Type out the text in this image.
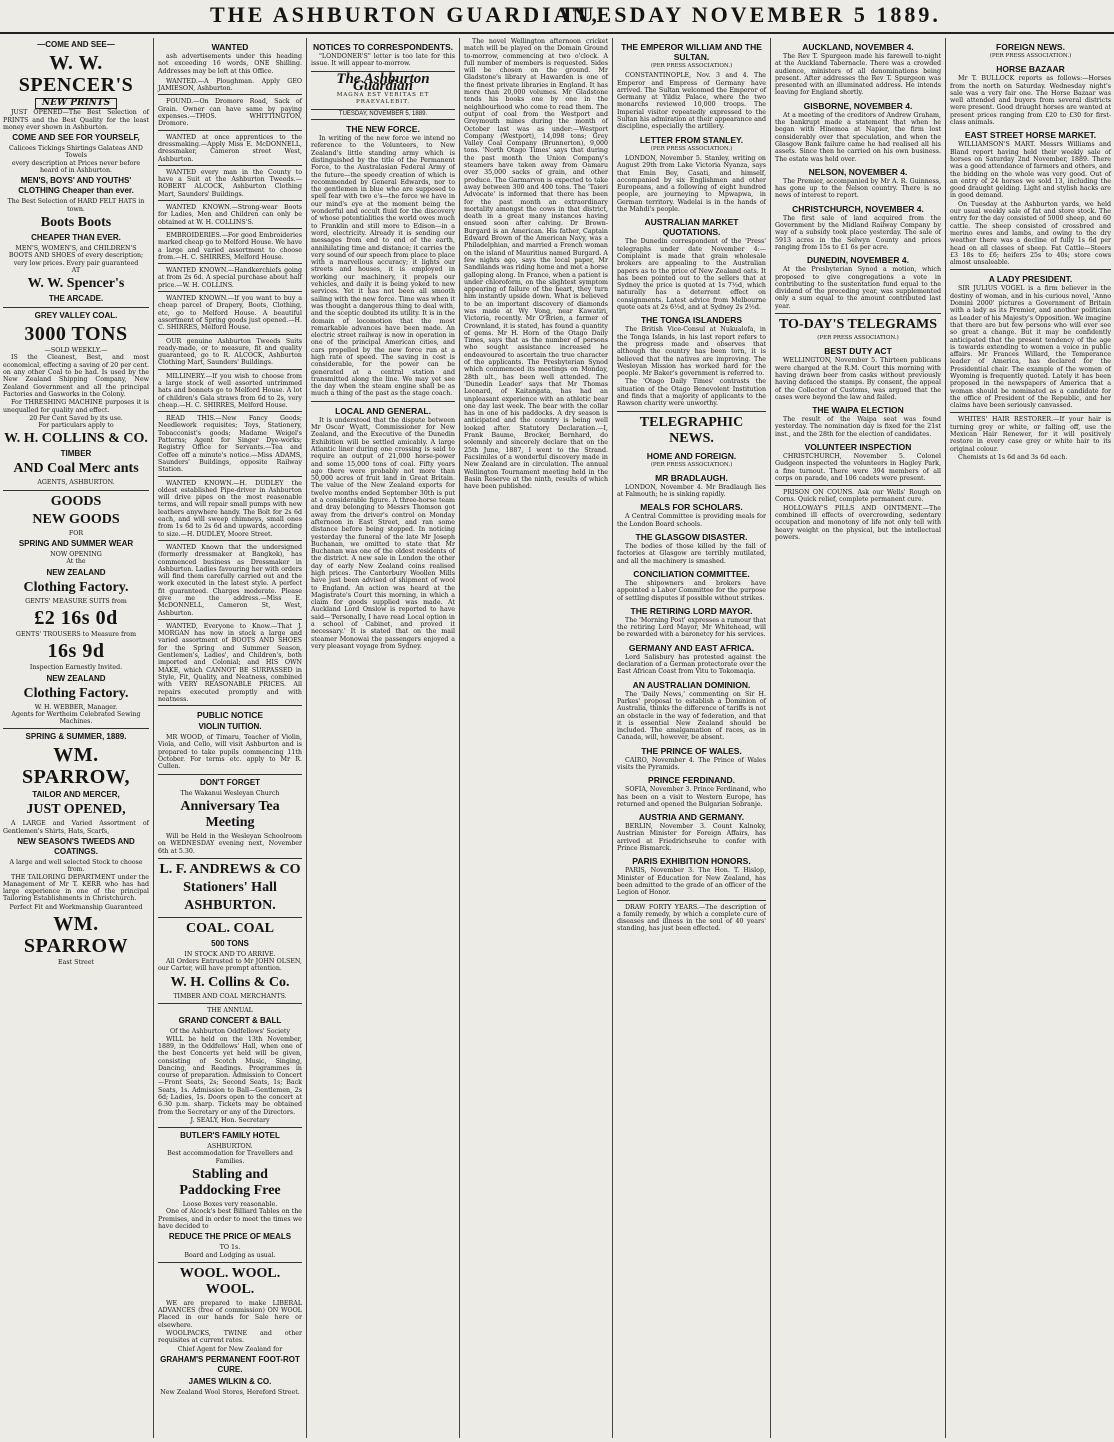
THE ASHBURTON GUARDIAN,
TUESDAY NOVEMBER 5 1889.
—COME AND SEE—
W. W. SPENCER'S
NEW PRINTS
JUST OPENED—The Best Selection of PRINTS and the Best Quality for the least money ever shown in Ashburton.
COME AND SEE FOR YOURSELF,
Calicoes Tickings Shirtings Galateas AND Towels
every description at Prices never before heard of in Ashburton.
MEN'S, BOYS' AND YOUTHS' CLOTHING Cheaper than ever.
The Best Selection of HARD FELT HATS in town.
Boots Boots
CHEAPER THAN EVER.
MEN'S, WOMEN'S, and CHILDREN'S BOOTS AND SHOES of every description; very low prices. Every pair guaranteed
AT
W. W. Spencer's
THE ARCADE.
GREY VALLEY COAL.
3000 TONS
—SOLD WEEKLY.—
IS the Cleanest, Best, and most economical, effecting a saving of 20 per cent. on any other Coal to be had. Is used by the New Zealand Shipping Company, New Zealand Government and all the principal Factories and Gasworks in the Colony.
For THRESHING MACHINE purposes it is unequalled for quality and effect.
20 Per Cent Saved by its use.
For particulars apply to
W. H. COLLINS & CO.
TIMBER
AND Coal Merc ants
AGENTS, ASHBURTON.
GOODS
NEW GOODS
FOR
SPRING AND SUMMER WEAR
NOW OPENING
At the
NEW ZEALAND
Clothing Factory.
GENTS' MEASURE SUITS from
£2 16s 0d
GENTS' TROUSERS to Measure from
16s 9d
Inspection Earnestly Invited.
NEW ZEALAND
Clothing Factory.
W. H. WEBBER, Manager.
Agents for Wertheim Celebrated Sewing Machines.
SPRING & SUMMER, 1889.
WM. SPARROW,
TAILOR AND MERCER,
JUST OPENED,
A LARGE and Varied Assortment of Gentlemen's Shirts, Hats, Scarfs,
NEW SEASON'S TWEEDS AND COATINGS.
A large and well selected Stock to choose from.
THE TAILORING DEPARTMENT under the Management of Mr T. KERR who has had large experience in one of the principal Tailoring Establishments in Christchurch.
Perfect Fit and Workmanship Guaranteed
WM. SPARROW
East Street
WANTED
ash advertisements under this heading not exceeding 16 words, ONE Shilling. Addresses may be left at this Office.
WANTED.—A Ploughman. Apply GEO JAMIESON, Ashburton.
FOUND.—On Dromore Road, Sack of Grain. Owner can have same by paying expenses.—THOS. WHITTINGTON, Dromore.
WANTED at once apprentices to the dressmaking.—Apply Miss E. McDONNELL, dressmaker, Cameron street West, Ashburton.
WANTED every man in the County to have a Suit at the Ashburton Tweeds.—ROBERT ALCOCK, Ashburton Clothing Mart, Saunders' Buildings.
WANTED KNOWN.—Strong-wear Boots for Ladies, Men and Children can only be obtained at W. H. COLLINS'S.
EMBROIDERIES.—For good Embroideries marked cheap go to Melford House. We have a large and varied assortment to choose from.—H. C. SHIRRES, Melford House.
WANTED KNOWN.—Handkerchiefs going at from 2s 6d. A special purchase about half price.—W. H. COLLINS.
WANTED KNOWN.—If you want to buy a cheap parcel of Drapery, Boots, Clothing, etc, go to Melford House. A beautiful assortment of Spring goods just opened.—H. C. SHIRRES, Melford House.
OUR genuine Ashburton Tweeds Suits ready-made, or to measure, fit and quality guaranteed, go to R. ALCOCK, Ashburton Clothing Mart, Saunders' Buildings.
MILLINERY.—If you wish to choose from a large stock of well assorted untrimmed hats and bonnets go to Melford House. A lot of children's Gala straws from 6d to 2s, very cheap.—H. C. SHIRRES, Melford House.
READ THIS.—New Fancy Goods; Needlework requisites; Toys, Stationery, Tobacconist's goods; Madame Weigel's Patterns; Agent for Singer Dye-works; Registry Office for Servants.—Tea and Coffee off a minute's notice.—Miss ADAMS, Saunders' Buildings, opposite Railway Station.
WANTED KNOWN.—H. DUDLEY the oldest established Pipe-driver in Ashburton will drive pipes on the most reasonable terms, and will repair small pumps with new leathers anywhere handy. The Bolt for 2s 6d each, and will sweep chimneys, small ones from 1s 6d to 2s 6d and upwards, according to size.—H. DUDLEY, Moore Street.
WANTED Known that the undersigned (formerly dressmaker at Bangkok), has commenced business as Dressmaker in Ashburton. Ladies favouring her with orders will find them carefully carried out and the work executed in the latest style. A perfect fit guaranteed. Charges moderate. Please give me the address.—Miss E. McDONNELL, Cameron St, West, Ashburton.
WANTED, Everyone to Know.—That J. MORGAN has now in stock a large and varied assortment of BOOTS AND SHOES for the Spring and Summer Season, Gentlemen's, Ladies', and Children's, both imported and Colonial; and HIS OWN MAKE, which CANNOT BE SURPASSED in Style, Fit, Quality, and Neatness, combined with VERY REASONABLE PRICES. All repairs executed promptly and with neatness.
PUBLIC NOTICE
VIOLIN TUITION.
MR WOOD, of Timaru, Teacher of Violin, Viola, and Cello, will visit Ashburton and is prepared to take pupils commencing 11th October. For terms etc. apply to Mr R. Cullen.
DON'T FORGET
The Wakanui Wesleyan Church
Anniversary Tea Meeting
Will be Held in the Wesleyan Schoolroom on WEDNESDAY evening next, November 6th at 5.30.
L. F. ANDREWS & CO
Stationers' Hall
ASHBURTON.
COAL. COAL
500 TONS
IN STOCK AND TO ARRIVE.
All Orders Entrusted to Mr JOHN OLSEN, our Carter, will have prompt attention.
W. H. Collins & Co.
TIMBER AND COAL MERCHANTS.
THE ANNUAL
GRAND CONCERT & BALL
Of the Ashburton Oddfellows' Society
WILL be held on the 13th November, 1889, in the Oddfellows' Hall, when one of the best Concerts yet held will be given, consisting of Scotch Music, Singing, Dancing, and Readings. Programmes in course of preparation. Admission to Concert—Front Seats, 2s; Second Seats, 1s; Back Seats, 1s. Admission to Ball—Gentlemen, 2s 6d; Ladies, 1s. Doors open to the concert at 6.30 p.m. sharp. Tickets may be obtained from the Secretary or any of the Directors.
J. SEALY, Hon. Secretary
BUTLER'S FAMILY HOTEL
ASHBURTON.
Best accommodation for Travellers and Families.
Stabling and Paddocking Free
Loose Boxes very reasonable.
One of Alcock's best Billiard Tables on the Premises, and in order to meet the times we have decided to
REDUCE THE PRICE OF MEALS
TO 1s.
Board and Lodging as usual.
WOOL. WOOL. WOOL.
WE are prepared to make LIBERAL ADVANCES (free of commission) ON WOOL Placed in our hands for Sale here or elsewhere.
WOOLPACKS, TWINE and other requisites at current rates.
Chief Agent for New Zealand for
GRAHAM'S PERMANENT FOOT-ROT CURE.
JAMES WILKIN & CO.
New Zealand Wool Stores, Hereford Street.
NOTICES TO CORRESPONDENTS.
"LONDONER'S" letter is too late for this issue. It will appear to-morrow.
The Ashburton Guardian
MAGNA EST VERITAS ET PRAEVALEBIT.
TUESDAY, NOVEMBER 5, 1889.
THE NEW FORCE.
In writing of the new force we intend no reference to the Volunteers, to New Zealand's little standing army which is distinguished by the title of the Permanent Force, to the Australasian Federal Army of the future—the speedy creation of which is recommended by General Edwards, nor to the gentlemen in blue who are supposed to spell fear with two e's—the force we have in our mind's eye at the moment being the wonderful and occult fluid for the discovery of whose potentialities the world owes much to Franklin and still more to Edison—in a word, electricity. Already it is sending our messages from end to end of the earth, annihilating time and distance; it carries the very sound of our speech from place to place with a marvellous accuracy; it lights our streets and houses, it is employed in working our machinery, it propels our vehicles, and daily it is being yoked to new services. Yet it has not been all smooth sailing with the new force. Time was when it was thought a dangerous thing to deal with, and the sceptic doubted its utility. It is in the domain of locomotion that the most remarkable advances have been made. An electric street railway is now in operation in one of the principal American cities, and cars propelled by the new force run at a high rate of speed. The saving in cost is considerable, for the power can be generated at a central station and transmitted along the line. We may yet see the day when the steam engine shall be as much a thing of the past as the stage coach.
LOCAL AND GENERAL.
It is understood that the dispute between Mr Oscar Wyatt, Commissioner for New Zealand, and the Executive of the Dunedin Exhibition will be settled amicably. A large Atlantic liner during one crossing is said to require an output of 21,000 horse-power and some 15,000 tons of coal. Fifty years ago there were probably not more than 50,000 acres of fruit land in Great Britain. The value of the New Zealand exports for twelve months ended September 30th is put at a considerable figure. A three-horse team and dray belonging to Messrs Thomson got away from the driver's control on Monday afternoon in East Street, and ran some distance before being stopped. In noticing yesterday the funeral of the late Mr Joseph Buchanan, we omitted to state that Mr Buchanan was one of the oldest residents of the district. A new sale in London the other day of early New Zealand coins realised high prices. The Canterbury Woollen Mills have just been advised of shipment of wool to England. An action was heard at the Magistrate's Court this morning, in which a claim for goods supplied was made. At Auckland Lord Onslow is reported to have said—'Personally, I have read Local option in a school of Cabinet, and proved it necessary.' It is stated that on the mail steamer Monowai the passengers enjoyed a very pleasant voyage from Sydney.
The novel Wellington afternoon cricket match will be played on the Domain Ground to-morrow, commencing at two o'clock. A full number of members is requested. Sides will be chosen on the ground. Mr Gladstone's library at Hawarden is one of the finest private libraries in England. It has more than 20,000 volumes. Mr Gladstone tends his books one by one in the neighbourhood who come to read them. The output of coal from the Westport and Greymouth mines during the month of October last was as under:—Westport Company (Westport), 14,098 tons; Grey Valley Coal Company (Brunnerton), 9,000 tons. 'North Otago Times' says that during the past month the Union Company's steamers have taken away from Oamaru over 35,000 sacks of grain, and other produce. The Garmarvon is expected to take away between 300 and 400 tons. The 'Taieri Advocate' is informed that there has been for the past month an extraordinary mortality amongst the cows in that district, death in a great many instances having ensued soon after calving. Dr Brown-Burgard is an American. His father, Captain Edward Brown of the American Navy, was a Philadelphian, and married a French woman on the island of Mauritius named Burgard. A few nights ago, says the local paper, Mr Sandilands was riding home and met a horse galloping along. In France, when a patient is under chloroform, on the slightest symptom appearing of failure of the heart, they turn him instantly upside down. What is believed to be an important discovery of diamonds was made at Wy Vong, near Kawatiri, Victoria, recently. Mr O'Brien, a farmer of Crownland, it is stated, has found a quantity of gems. Mr H. Horn of the Otago Daily Times, says that as the number of persons who sought assistance increased he endeavoured to ascertain the true character of the applicants. The Presbyterian Synod which commenced its meetings on Monday, 28th ult., has been well attended. The 'Dunedin Leader' says that Mr Thomas Leonard, of Kaitangata, has had an unpleasant experience with an athletic bear one day last week. The bear with the collar has in one of his paddocks. A dry season is anticipated and the country is being well looked after. Statutory Declaration.—I, Frank Baume, Brocker, Bernhard, do solemnly and sincerely declare that on the 25th June, 1887, I went to the Strand. Facsimiles of a wonderful discovery made in New Zealand are in circulation. The annual Wellington Tournament meeting held in the Basin Reserve at the ninth, results of which have been published.
THE EMPEROR WILLIAM AND THE SULTAN.
(PER PRESS ASSOCIATION.)
CONSTANTINOPLE, Nov. 3 and 4. The Emperor and Empress of Germany have arrived. The Sultan welcomed the Emperor of Germany at Yildiz Palace, where the two monarchs reviewed 10,000 troops. The Imperial visitor repeatedly expressed to the Sultan his admiration at their appearance and discipline, especially the artillery.
LETTER FROM STANLEY.
(PER PRESS ASSOCIATION.)
LONDON, November 5. Stanley, writing on August 29th from Lake Victoria Nyanza, says that Emin Bey, Casati, and himself, accompanied by six Englishmen and other Europeans, and a following of eight hundred people, are journeying to Mpwapwa, in German territory. Wadelai is in the hands of the Mahdi's people.
AUSTRALIAN MARKET QUOTATIONS.
The Dunedin correspondent of the 'Press' telegraphs under date November 4:—Complaint is made that grain wholesale brokers are appealing to the Australian papers as to the price of New Zealand oats. It has been pointed out to the sellers that at Sydney the price is quoted at 1s 7½d, which naturally has a deterrent effect on consignments. Latest advice from Melbourne quote oats at 2s 6½d, and at Sydney 2s 2½d.
THE TONGA ISLANDERS
The British Vice-Consul at Nukualofa, in the Tonga Islands, in his last report refers to the progress made and observes that although the country has been torn, it is believed that the natives are improving. The Wesleyan Mission has worked hard for the people. Mr Baker's government is referred to.
The 'Otago Daily Times' contrasts the situation of the Otago Benevolent Institution and finds that a majority of applicants to the Rawson charity were unworthy.
TELEGRAPHIC NEWS.
HOME AND FOREIGN.
(PER PRESS ASSOCIATION.)
MR BRADLAUGH.
LONDON, November 4. Mr Bradlaugh lies at Falmouth; he is sinking rapidly.
MEALS FOR SCHOLARS.
A Central Committee is providing meals for the London Board schools.
THE GLASGOW DISASTER.
The bodies of those killed by the fall of factories at Glasgow are terribly mutilated, and all the machinery is smashed.
CONCILIATION COMMITTEE.
The shipowners and brokers have appointed a Labor Committee for the purpose of settling disputes if possible without strikes.
THE RETIRING LORD MAYOR.
The 'Morning Post' expresses a rumour that the retiring Lord Mayor, Mr Whitehead, will be rewarded with a baronetcy for his services.
GERMANY AND EAST AFRICA.
Lord Salisbury has protested against the declaration of a German protectorate over the East African Coast from Vitu to Tokomaqia.
AN AUSTRALIAN DOMINION.
The 'Daily News,' commenting on Sir H. Parkes' proposal to establish a Dominion of Australia, thinks the difference of tariffs is not an obstacle in the way of federation, and that it is essential New Zealand should be included. The amalgamation of races, as in Canada, will, however, be absent.
THE PRINCE OF WALES.
CAIRO, November 4. The Prince of Wales visits the Pyramids.
PRINCE FERDINAND.
SOFIA, November 3. Prince Ferdinand, who has been on a visit to Western Europe, has returned and opened the Bulgarian Sobranje.
AUSTRIA AND GERMANY.
BERLIN, November 3. Count Kalnoky, Austrian Minister for Foreign Affairs, has arrived at Friedrichsruhe to confer with Prince Bismarck.
PARIS EXHIBITION HONORS.
PARIS, November 3. The Hon. T. Hislop, Minister of Education for New Zealand, has been admitted to the grade of an officer of the Legion of Honor.
DRAW FORTY YEARS.—The description of a family remedy, by which a complete cure of diseases and illness in the soul of 40 years' standing, has just been effected.
AUCKLAND, NOVEMBER 4.
The Rev T. Spurgeon made his farewell to-night at the Auckland Tabernacle. There was a crowded audience, ministers of all denominations being present. After addresses the Rev T. Spurgeon was presented with an illuminated address. He intends leaving for England shortly.
GISBORNE, NOVEMBER 4.
At a meeting of the creditors of Andrew Graham, the bankrupt made a statement that when he began with Hinemoa at Napier, the firm lost considerably over that speculation, and when the Glasgow Bank failure came he had realised all his assets. Since then he carried on his own business. The estate was held over.
NELSON, NOVEMBER 4.
The Premier, accompanied by Mr A. R. Guinness, has gone up to the Nelson country. There is no news of interest to report.
CHRISTCHURCH, NOVEMBER 4.
The first sale of land acquired from the Government by the Midland Railway Company by way of a subsidy took place yesterday. The sale of 5913 acres in the Selwyn County and prices ranging from 15s to £1 6s per acre.
DUNEDIN, NOVEMBER 4.
At the Presbyterian Synod a motion, which proposed to give congregations a vote in contributing to the sustentation fund equal to the dividend of the preceding year, was supplemented only a sum equal to the amount contributed last year.
TO-DAY'S TELEGRAMS
(PER PRESS ASSOCIATION.)
BEST DUTY ACT
WELLINGTON, November 5. Thirteen publicans were charged at the R.M. Court this morning with having drawn beer from casks without previously having defaced the stamps. By consent, the appeal of the Collector of Customs, was argued that the cases were beyond the law and failed.
THE WAIPA ELECTION
The result of the Waipa seat was found yesterday. The nomination day is fixed for the 21st inst., and the 28th for the election of candidates.
VOLUNTEER INSPECTION
CHRISTCHURCH, November 5. Colonel Gudgeon inspected the volunteers in Hagley Park, a fine turnout. There were 394 members of all corps on parade, and 106 cadets were present.
PRISON ON COUNS. Ask our Wells' Rough on Corns. Quick relief, complete permanent cure.
HOLLOWAY'S PILLS AND OINTMENT.—The combined ill effects of overcrowding, sedentary occupation and monotony of life not only tell with heavy weight on the physical, but the intellectual powers.
FOREIGN NEWS.
(PER PRESS ASSOCIATION.)
HORSE BAZAAR
Mr T. BULLOCK reports as follows:—Horses from the north on Saturday. Wednesday night's sale was a very fair one. The Horse Bazaar was well attended and buyers from several districts were present. Good draught horses are wanted at present prices ranging from £20 to £30 for first-class animals.
EAST STREET HORSE MARKET.
WILLIAMSON'S MART. Messrs Williams and Bland report having held their weekly sale of horses on Saturday 2nd November, 1889. There was a good attendance of farmers and others, and the bidding on the whole was very good. Out of an entry of 24 horses we sold 13, including the good draught gelding. Light and stylish hacks are in good demand.
On Tuesday at the Ashburton yards, we held our usual weekly sale of fat and store stock. The entry for the day consisted of 5000 sheep, and 60 cattle. The sheep consisted of crossbred and merino ewes and lambs, and owing to the dry weather there was a decline of fully 1s 6d per head on all classes of sheep. Fat Cattle—Steers £3 18s to £6; heifers 25s to 40s; store cows almost unsaleable.
A LADY PRESIDENT.
SIR JULIUS VOGEL is a firm believer in the destiny of woman, and in his curious novel, 'Anno Domini 2000' pictures a Government of Britain with a lady as its Premier, and another politician as Leader of his Majesty's Opposition. We imagine that there are but few persons who will ever see so great a change. But it may be confidently anticipated that the present tendency of the age is towards extending to women a voice in public affairs. Mr Frances Willard, the Temperance leader of America, has declared for the Presidential chair. The example of the women of Wyoming is frequently quoted. Lately it has been proposed in the newspapers of America that a woman should be nominated as a candidate for the office of President of the Republic, and her claims have been seriously canvassed.
WHITES' HAIR RESTORER.—If your hair is turning grey or white, or falling off, use the Mexican Hair Renewer, for it will positively restore in every case grey or white hair to its original colour.
Chemists at 1s 6d and 3s 6d each.
